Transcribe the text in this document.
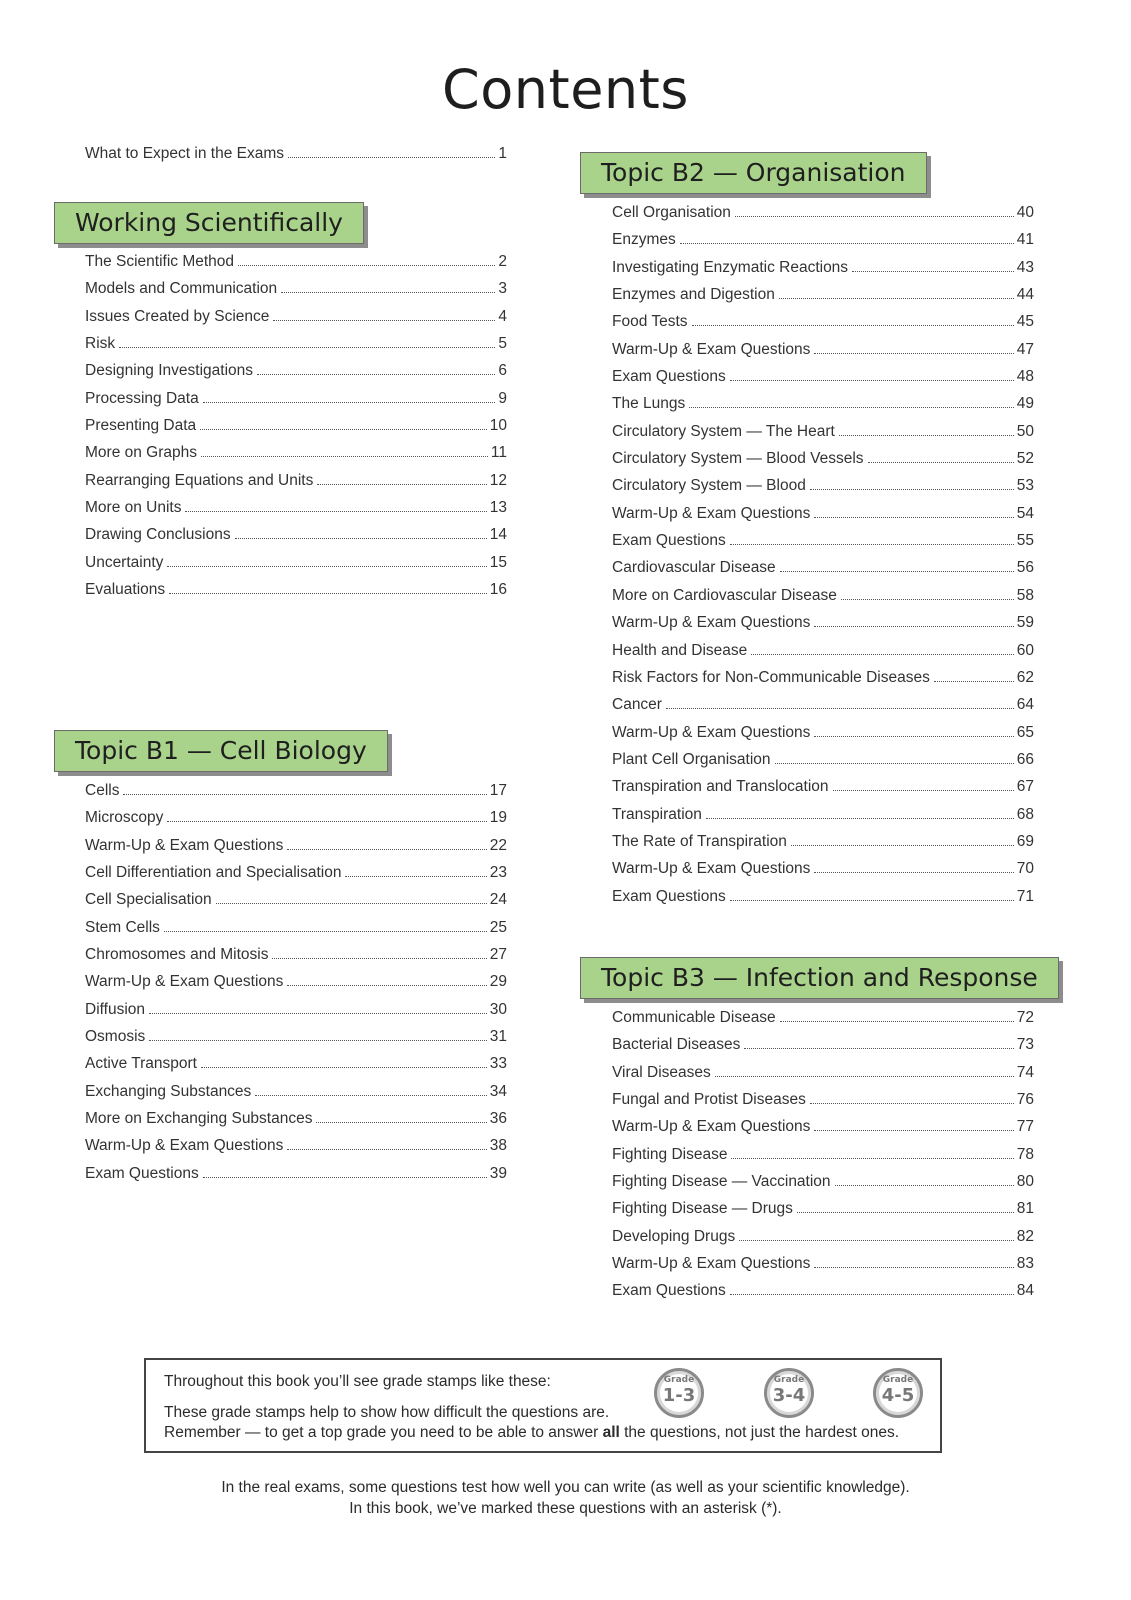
Contents
What to Expect in the Exams	1
Working Scientifically
Topic B1 — Cell Biology
Topic B2 — Organisation
Topic B3 — Infection and Response
The Scientific Method	2
Models and Communication	3
Issues Created by Science	4
Risk	5
Designing Investigations	6
Processing Data	9
Presenting Data	10
More on Graphs	11
Rearranging Equations and Units	12
More on Units	13
Drawing Conclusions	14
Uncertainty	15
Evaluations	16
Cells	17
Microscopy	19
Warm-Up & Exam Questions	22
Cell Differentiation and Specialisation	23
Cell Specialisation	24
Stem Cells	25
Chromosomes and Mitosis	27
Warm-Up & Exam Questions	29
Diffusion	30
Osmosis	31
Active Transport	33
Exchanging Substances	34
More on Exchanging Substances	36
Warm-Up & Exam Questions	38
Exam Questions	39
Cell Organisation	40
Enzymes	41
Investigating Enzymatic Reactions	43
Enzymes and Digestion	44
Food Tests	45
Warm-Up & Exam Questions	47
Exam Questions	48
The Lungs	49
Circulatory System — The Heart	50
Circulatory System — Blood Vessels	52
Circulatory System — Blood	53
Warm-Up & Exam Questions	54
Exam Questions	55
Cardiovascular Disease	56
More on Cardiovascular Disease	58
Warm-Up & Exam Questions	59
Health and Disease	60
Risk Factors for Non-Communicable Diseases	62
Cancer	64
Warm-Up & Exam Questions	65
Plant Cell Organisation	66
Transpiration and Translocation	67
Transpiration	68
The Rate of Transpiration	69
Warm-Up & Exam Questions	70
Exam Questions	71
Communicable Disease	72
Bacterial Diseases	73
Viral Diseases	74
Fungal and Protist Diseases	76
Warm-Up & Exam Questions	77
Fighting Disease	78
Fighting Disease — Vaccination	80
Fighting Disease — Drugs	81
Developing Drugs	82
Warm-Up & Exam Questions	83
Exam Questions	84
Throughout this book you’ll see grade stamps like these:
These grade stamps help to show how difficult the questions are.
Remember — to get a top grade you need to be able to answer all the questions, not just the hardest ones.
Grade
1-3
Grade
3-4
Grade
4-5
In the real exams, some questions test how well you can write (as well as your scientific knowledge).
In this book, we’ve marked these questions with an asterisk (*).
